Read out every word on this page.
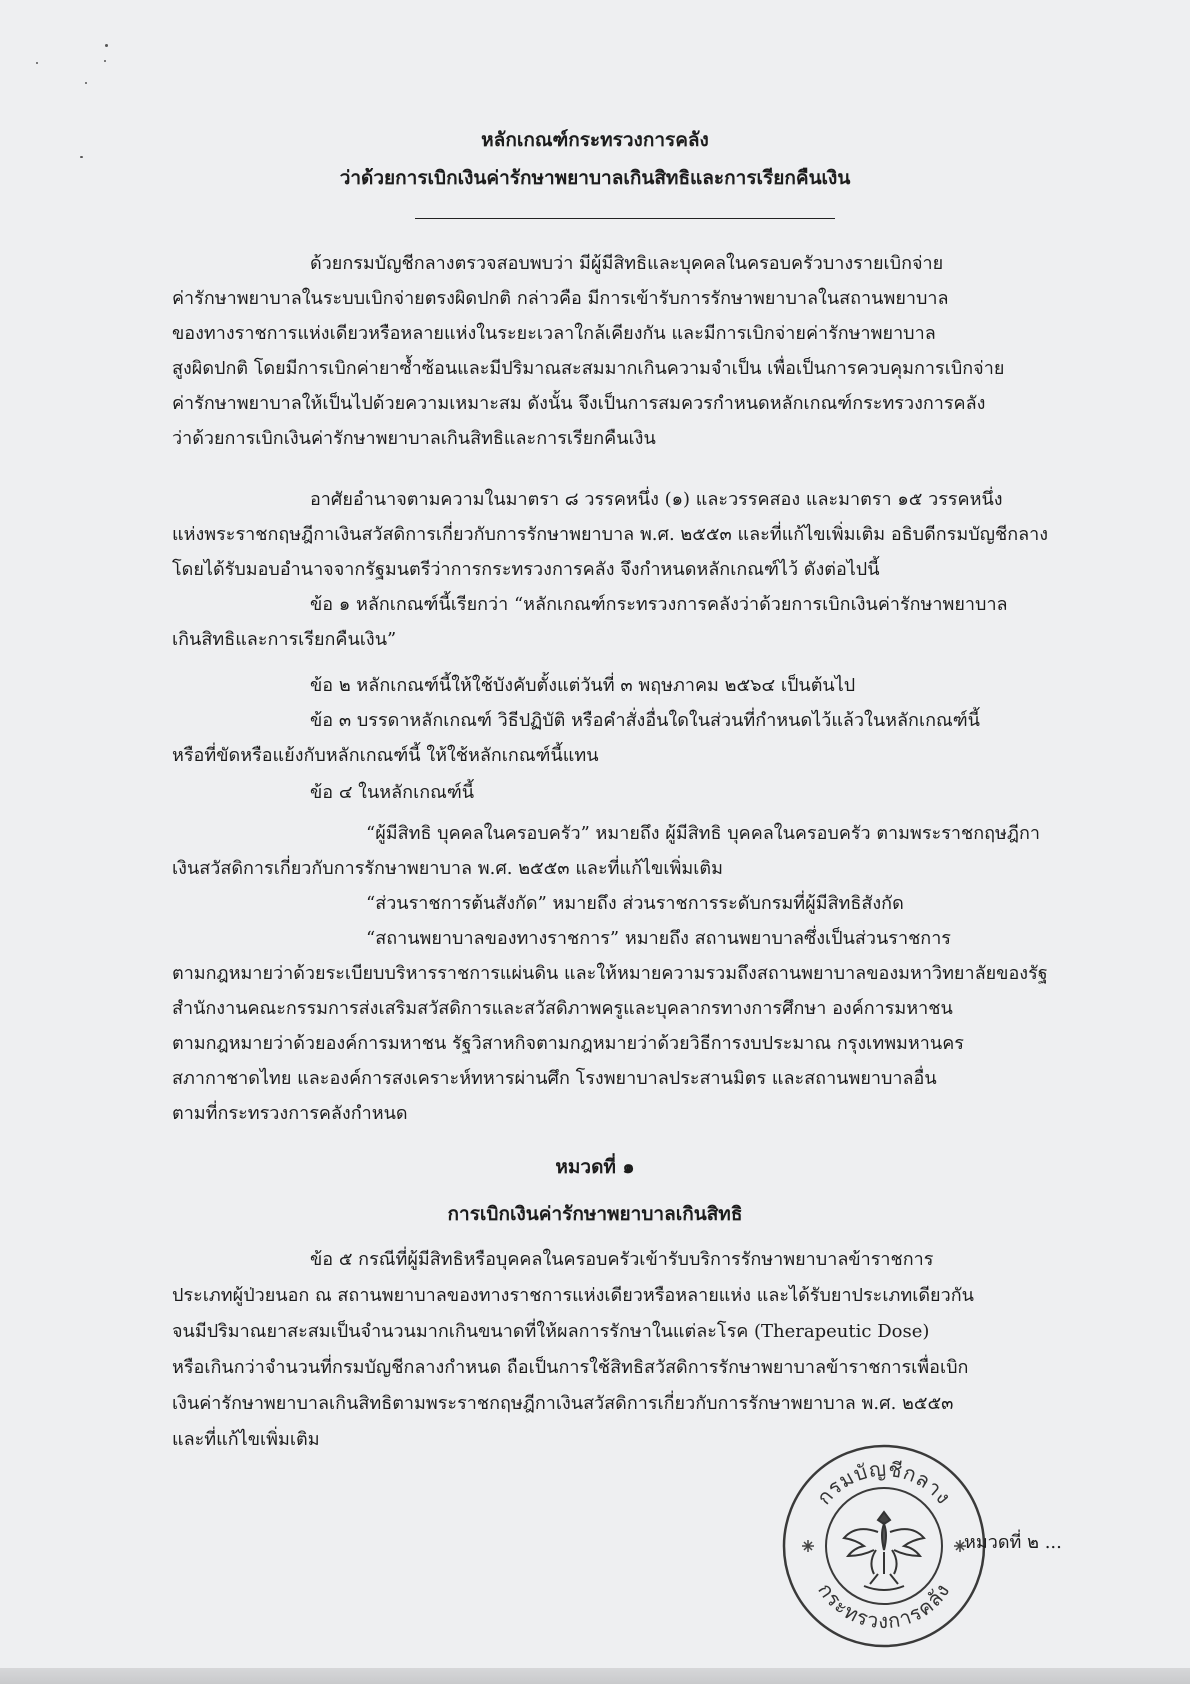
หลักเกณฑ์กระทรวงการคลัง
ว่าด้วยการเบิกเงินค่ารักษาพยาบาลเกินสิทธิและการเรียกคืนเงิน
ด้วยกรมบัญชีกลางตรวจสอบพบว่า มีผู้มีสิทธิและบุคคลในครอบครัวบางรายเบิกจ่าย
ค่ารักษาพยาบาลในระบบเบิกจ่ายตรงผิดปกติ กล่าวคือ มีการเข้ารับการรักษาพยาบาลในสถานพยาบาล
ของทางราชการแห่งเดียวหรือหลายแห่งในระยะเวลาใกล้เคียงกัน และมีการเบิกจ่ายค่ารักษาพยาบาล
สูงผิดปกติ โดยมีการเบิกค่ายาซ้ำซ้อนและมีปริมาณสะสมมากเกินความจำเป็น เพื่อเป็นการควบคุมการเบิกจ่าย
ค่ารักษาพยาบาลให้เป็นไปด้วยความเหมาะสม ดังนั้น จึงเป็นการสมควรกำหนดหลักเกณฑ์กระทรวงการคลัง
ว่าด้วยการเบิกเงินค่ารักษาพยาบาลเกินสิทธิและการเรียกคืนเงิน
อาศัยอำนาจตามความในมาตรา ๘ วรรคหนึ่ง (๑) และวรรคสอง และมาตรา ๑๕ วรรคหนึ่ง
แห่งพระราชกฤษฎีกาเงินสวัสดิการเกี่ยวกับการรักษาพยาบาล พ.ศ. ๒๕๕๓ และที่แก้ไขเพิ่มเติม อธิบดีกรมบัญชีกลาง
โดยได้รับมอบอำนาจจากรัฐมนตรีว่าการกระทรวงการคลัง จึงกำหนดหลักเกณฑ์ไว้ ดังต่อไปนี้
ข้อ ๑ หลักเกณฑ์นี้เรียกว่า “หลักเกณฑ์กระทรวงการคลังว่าด้วยการเบิกเงินค่ารักษาพยาบาล
เกินสิทธิและการเรียกคืนเงิน”
ข้อ ๒ หลักเกณฑ์นี้ให้ใช้บังคับตั้งแต่วันที่ ๓ พฤษภาคม ๒๕๖๔ เป็นต้นไป
ข้อ ๓ บรรดาหลักเกณฑ์ วิธีปฏิบัติ หรือคำสั่งอื่นใดในส่วนที่กำหนดไว้แล้วในหลักเกณฑ์นี้
หรือที่ขัดหรือแย้งกับหลักเกณฑ์นี้ ให้ใช้หลักเกณฑ์นี้แทน
ข้อ ๔ ในหลักเกณฑ์นี้
“ผู้มีสิทธิ บุคคลในครอบครัว” หมายถึง ผู้มีสิทธิ บุคคลในครอบครัว ตามพระราชกฤษฎีกา
เงินสวัสดิการเกี่ยวกับการรักษาพยาบาล พ.ศ. ๒๕๕๓ และที่แก้ไขเพิ่มเติม
“ส่วนราชการต้นสังกัด” หมายถึง ส่วนราชการระดับกรมที่ผู้มีสิทธิสังกัด
“สถานพยาบาลของทางราชการ” หมายถึง สถานพยาบาลซึ่งเป็นส่วนราชการ
ตามกฎหมายว่าด้วยระเบียบบริหารราชการแผ่นดิน และให้หมายความรวมถึงสถานพยาบาลของมหาวิทยาลัยของรัฐ
สำนักงานคณะกรรมการส่งเสริมสวัสดิการและสวัสดิภาพครูและบุคลากรทางการศึกษา องค์การมหาชน
ตามกฎหมายว่าด้วยองค์การมหาชน รัฐวิสาหกิจตามกฎหมายว่าด้วยวิธีการงบประมาณ กรุงเทพมหานคร
สภากาชาดไทย และองค์การสงเคราะห์ทหารผ่านศึก โรงพยาบาลประสานมิตร และสถานพยาบาลอื่น
ตามที่กระทรวงการคลังกำหนด
หมวดที่ ๑
การเบิกเงินค่ารักษาพยาบาลเกินสิทธิ
ข้อ ๕ กรณีที่ผู้มีสิทธิหรือบุคคลในครอบครัวเข้ารับบริการรักษาพยาบาลข้าราชการ
ประเภทผู้ป่วยนอก ณ สถานพยาบาลของทางราชการแห่งเดียวหรือหลายแห่ง และได้รับยาประเภทเดียวกัน
จนมีปริมาณยาสะสมเป็นจำนวนมากเกินขนาดที่ให้ผลการรักษาในแต่ละโรค (Therapeutic Dose)
หรือเกินกว่าจำนวนที่กรมบัญชีกลางกำหนด ถือเป็นการใช้สิทธิสวัสดิการรักษาพยาบาลข้าราชการเพื่อเบิก
เงินค่ารักษาพยาบาลเกินสิทธิตามพระราชกฤษฎีกาเงินสวัสดิการเกี่ยวกับการรักษาพยาบาล พ.ศ. ๒๕๕๓
และที่แก้ไขเพิ่มเติม
กรมบัญชีกลาง
กระทรวงการคลัง
หมวดที่ ๒ ...
